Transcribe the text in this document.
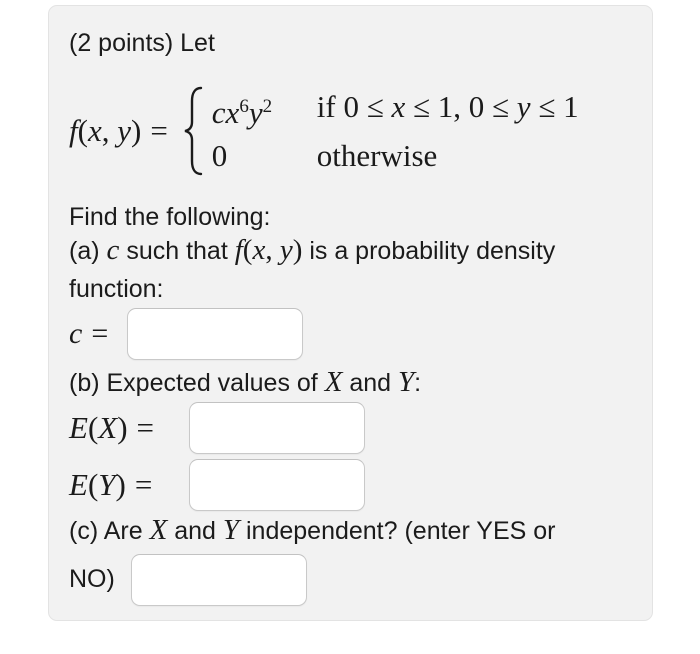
(2 points) Let
f(x, y) =
$cx^6y^2$	if 0 ≤ x ≤ 1, 0 ≤ y ≤ 1
0	otherwise
Find the following:
(a) c such that f(x, y) is a probability density
function:
c =
(b) Expected values of X and Y:
E ( X ) =
E ( Y ) =
(c) Are X and Y independent? (enter YES or
NO)
